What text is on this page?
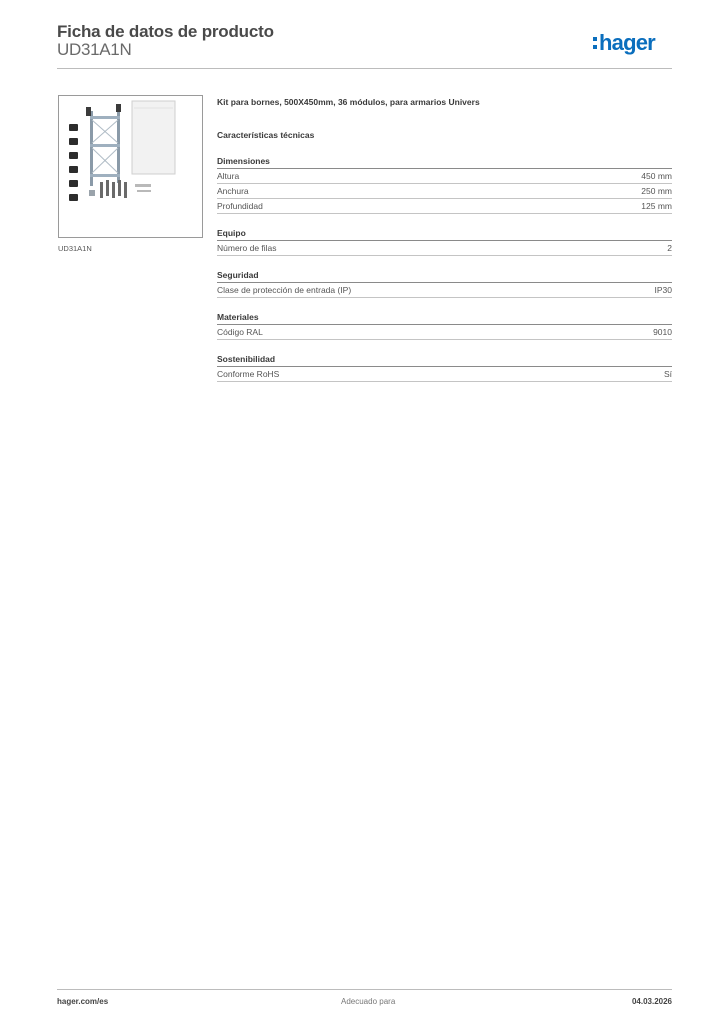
Ficha de datos de producto
UD31A1N	hager
UD31A1N
Kit para bornes, 500X450mm, 36 módulos, para armarios Univers
Características técnicas
Dimensiones
Altura	450 mm
Anchura	250 mm
Profundidad	125 mm
Equipo
Número de filas	2
Seguridad
Clase de protección de entrada (IP)	IP30
Materiales
Código RAL	9010
Sostenibilidad
Conforme RoHS	Sí
hager.com/es	Adecuado para	04.03.2026
